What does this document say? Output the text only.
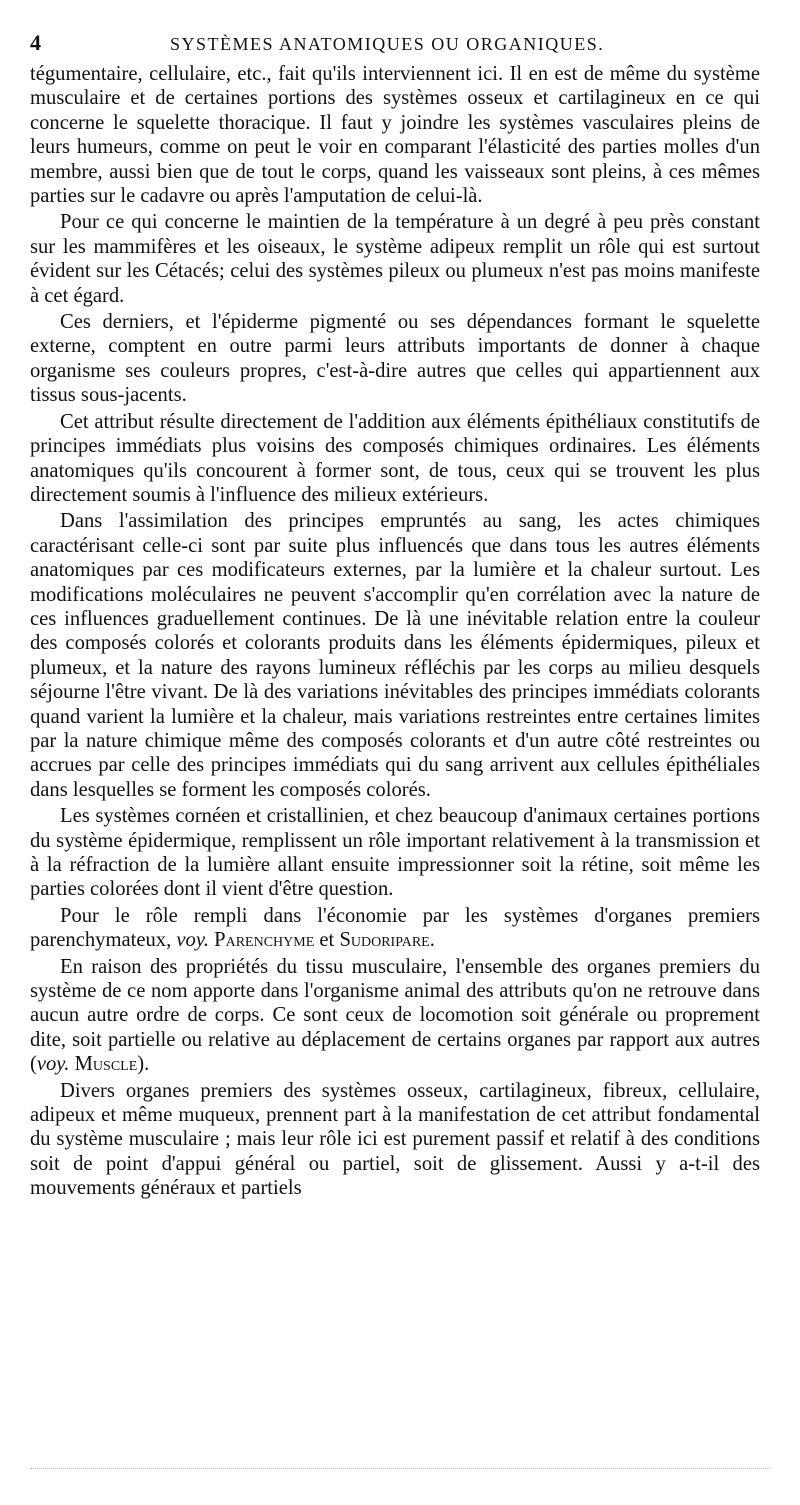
4	SYSTÈMES ANATOMIQUES OU ORGANIQUES.

tégumentaire, cellulaire, etc., fait qu'ils interviennent ici. Il en est de même du système musculaire et de certaines portions des systèmes osseux et cartilagineux en ce qui concerne le squelette thoracique. Il faut y joindre les systèmes vasculaires pleins de leurs humeurs, comme on peut le voir en comparant l'élasticité des parties molles d'un membre, aussi bien que de tout le corps, quand les vaisseaux sont pleins, à ces mêmes parties sur le cadavre ou après l'amputation de celui-là.

Pour ce qui concerne le maintien de la température à un degré à peu près constant sur les mammifères et les oiseaux, le système adipeux remplit un rôle qui est surtout évident sur les Cétacés; celui des systèmes pileux ou plumeux n'est pas moins manifeste à cet égard.

Ces derniers, et l'épiderme pigmenté ou ses dépendances formant le squelette externe, comptent en outre parmi leurs attributs importants de donner à chaque organisme ses couleurs propres, c'est-à-dire autres que celles qui appartiennent aux tissus sous-jacents.

Cet attribut résulte directement de l'addition aux éléments épithéliaux constitutifs de principes immédiats plus voisins des composés chimiques ordinaires. Les éléments anatomiques qu'ils concourent à former sont, de tous, ceux qui se trouvent les plus directement soumis à l'influence des milieux extérieurs.

Dans l'assimilation des principes empruntés au sang, les actes chimiques caractérisant celle-ci sont par suite plus influencés que dans tous les autres éléments anatomiques par ces modificateurs externes, par la lumière et la chaleur surtout. Les modifications moléculaires ne peuvent s'accomplir qu'en corrélation avec la nature de ces influences graduellement continues. De là une inévitable relation entre la couleur des composés colorés et colorants produits dans les éléments épidermiques, pileux et plumeux, et la nature des rayons lumineux réfléchis par les corps au milieu desquels séjourne l'être vivant. De là des variations inévitables des principes immédiats colorants quand varient la lumière et la chaleur, mais variations restreintes entre certaines limites par la nature chimique même des composés colorants et d'un autre côté restreintes ou accrues par celle des principes immédiats qui du sang arrivent aux cellules épithéliales dans lesquelles se forment les composés colorés.

Les systèmes cornéen et cristallinien, et chez beaucoup d'animaux certaines portions du système épidermique, remplissent un rôle important relativement à la transmission et à la réfraction de la lumière allant ensuite impressionner soit la rétine, soit même les parties colorées dont il vient d'être question.

Pour le rôle rempli dans l'économie par les systèmes d'organes premiers parenchymateux, voy. Parenchyme et Sudoripare.

En raison des propriétés du tissu musculaire, l'ensemble des organes premiers du système de ce nom apporte dans l'organisme animal des attributs qu'on ne retrouve dans aucun autre ordre de corps. Ce sont ceux de locomotion soit générale ou proprement dite, soit partielle ou relative au déplacement de certains organes par rapport aux autres (voy. Muscle).

Divers organes premiers des systèmes osseux, cartilagineux, fibreux, cellulaire, adipeux et même muqueux, prennent part à la manifestation de cet attribut fondamental du système musculaire ; mais leur rôle ici est purement passif et relatif à des conditions soit de point d'appui général ou partiel, soit de glissement. Aussi y a-t-il des mouvements généraux et partiels
